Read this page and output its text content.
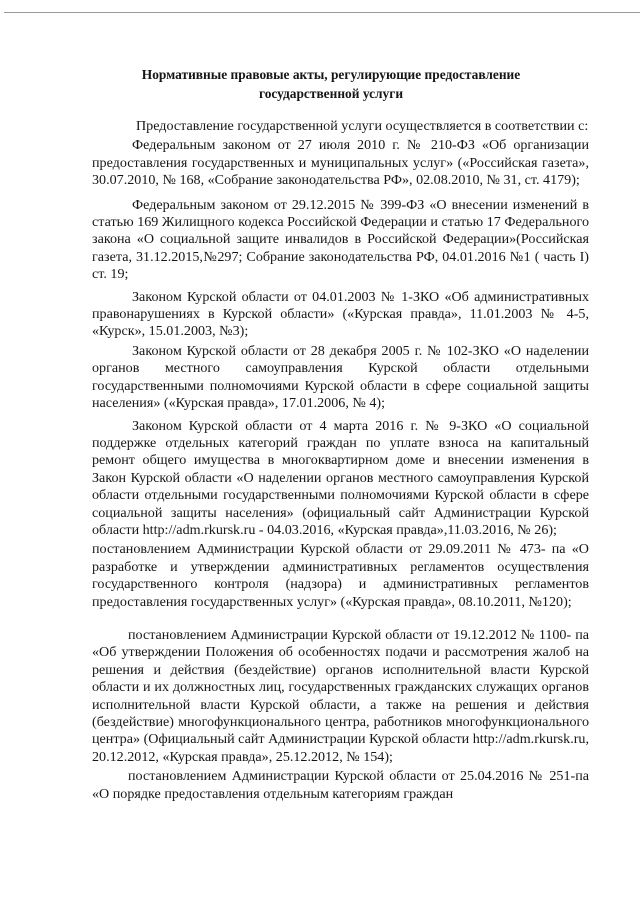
Нормативные правовые акты, регулирующие предоставление
государственной услуги

Предоставление государственной услуги осуществляется в соответствии с:

Федеральным законом от 27 июля 2010 г. № 210-ФЗ «Об организации предоставления государственных и муниципальных услуг» («Российская газета», 30.07.2010, № 168, «Собрание законодательства РФ», 02.08.2010, № 31, ст. 4179);

Федеральным законом от 29.12.2015 № 399-ФЗ «О внесении изменений в статью 169 Жилищного кодекса Российской Федерации и статью 17 Федерального закона «О социальной защите инвалидов в Российской Федерации»(Российская газета, 31.12.2015,№297; Собрание законодательства РФ, 04.01.2016 №1 ( часть I) ст. 19;

Законом Курской области от 04.01.2003 № 1-ЗКО «Об административных правонарушениях в Курской области» («Курская правда», 11.01.2003 № 4-5, «Курск», 15.01.2003, №3);

Законом Курской области от 28 декабря 2005 г. № 102-ЗКО «О наделении органов местного самоуправления Курской области отдельными государственными полномочиями Курской области в сфере социальной защиты населения» («Курская правда», 17.01.2006, № 4);

Законом Курской области от 4 марта 2016 г. № 9-ЗКО «О социальной поддержке отдельных категорий граждан по уплате взноса на капитальный ремонт общего имущества в многоквартирном доме и внесении изменения в Закон Курской области «О наделении органов местного самоуправления Курской области отдельными государственными полномочиями Курской области в сфере социальной защиты населения» (официальный сайт Администрации Курской области http://adm.rkursk.ru - 04.03.2016, «Курская правда»,11.03.2016, № 26);

постановлением Администрации Курской области от 29.09.2011 № 473- па «О разработке и утверждении административных регламентов осуществления государственного контроля (надзора) и административных регламентов предоставления государственных услуг» («Курская правда», 08.10.2011, №120);

постановлением Администрации Курской области от 19.12.2012 № 1100- па «Об утверждении Положения об особенностях подачи и рассмотрения жалоб на решения и действия (бездействие) органов исполнительной власти Курской области и их должностных лиц, государственных гражданских служащих органов исполнительной власти Курской области, а также на решения и действия (бездействие) многофункционального центра, работников многофункционального центра» (Официальный сайт Администрации Курской области http://adm.rkursk.ru, 20.12.2012, «Курская правда», 25.12.2012, № 154);

постановлением Администрации Курской области от 25.04.2016 № 251-па «О порядке предоставления отдельным категориям граждан
